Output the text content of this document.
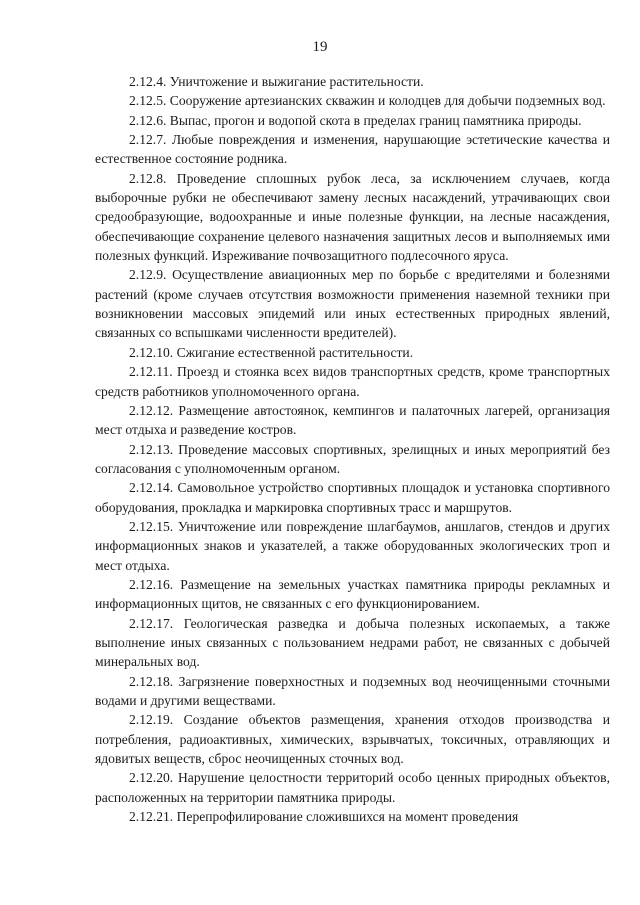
19

2.12.4. Уничтожение и выжигание растительности.

2.12.5. Сооружение артезианских скважин и колодцев для добычи подземных вод.

2.12.6. Выпас, прогон и водопой скота в пределах границ памятника природы.

2.12.7. Любые повреждения и изменения, нарушающие эстетические качества и естественное состояние родника.

2.12.8. Проведение сплошных рубок леса, за исключением случаев, когда выборочные рубки не обеспечивают замену лесных насаждений, утрачивающих свои средообразующие, водоохранные и иные полезные функции, на лесные насаждения, обеспечивающие сохранение целевого назначения защитных лесов и выполняемых ими полезных функций. Изреживание почвозащитного подлесочного яруса.

2.12.9. Осуществление авиационных мер по борьбе с вредителями и болезнями растений (кроме случаев отсутствия возможности применения наземной техники при возникновении массовых эпидемий или иных естественных природных явлений, связанных со вспышками численности вредителей).

2.12.10. Сжигание естественной растительности.

2.12.11. Проезд и стоянка всех видов транспортных средств, кроме транспортных средств работников уполномоченного органа.

2.12.12. Размещение автостоянок, кемпингов и палаточных лагерей, организация мест отдыха и разведение костров.

2.12.13. Проведение массовых спортивных, зрелищных и иных мероприятий без согласования с уполномоченным органом.

2.12.14. Самовольное устройство спортивных площадок и установка спортивного оборудования, прокладка и маркировка спортивных трасс и маршрутов.

2.12.15. Уничтожение или повреждение шлагбаумов, аншлагов, стендов и других информационных знаков и указателей, а также оборудованных экологических троп и мест отдыха.

2.12.16. Размещение на земельных участках памятника природы рекламных и информационных щитов, не связанных с его функционированием.

2.12.17. Геологическая разведка и добыча полезных ископаемых, а также выполнение иных связанных с пользованием недрами работ, не связанных с добычей минеральных вод.

2.12.18. Загрязнение поверхностных и подземных вод неочищенными сточными водами и другими веществами.

2.12.19. Создание объектов размещения, хранения отходов производства и потребления, радиоактивных, химических, взрывчатых, токсичных, отравляющих и ядовитых веществ, сброс неочищенных сточных вод.

2.12.20. Нарушение целостности территорий особо ценных природных объектов, расположенных на территории памятника природы.

2.12.21. Перепрофилирование сложившихся на момент проведения
